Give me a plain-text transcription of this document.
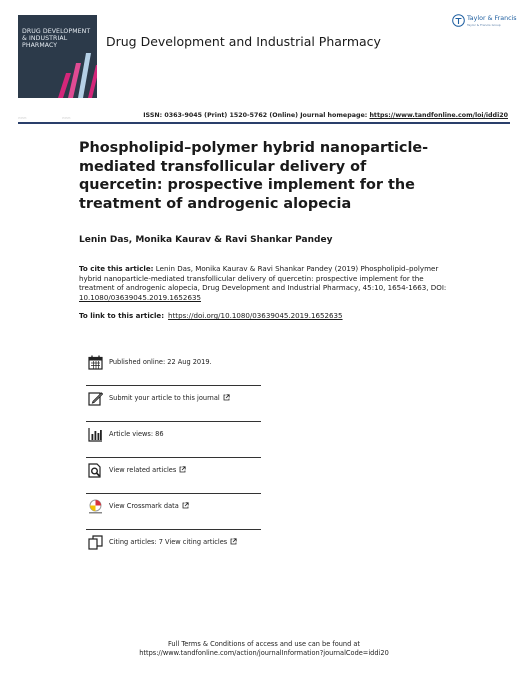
DRUG DEVELOPMENT
& INDUSTRIAL
PHARMACY	Drug Development and Industrial Pharmacy
Taylor & Francis
Taylor & Francis Group
▭▭▭	▭▭▭	ISSN: 0363-9045 (Print) 1520-5762 (Online) Journal homepage: https://www.tandfonline.com/loi/iddi20
Phospholipid–polymer hybrid nanoparticle-mediated transfollicular delivery of quercetin: prospective implement for the treatment of androgenic alopecia
Lenin Das, Monika Kaurav & Ravi Shankar Pandey
To cite this article: Lenin Das, Monika Kaurav & Ravi Shankar Pandey (2019) Phospholipid–polymer hybrid nanoparticle-mediated transfollicular delivery of quercetin: prospective implement for the treatment of androgenic alopecia, Drug Development and Industrial Pharmacy, 45:10, 1654-1663, DOI: 10.1080/03639045.2019.1652635
To link to this article: https://doi.org/10.1080/03639045.2019.1652635
Published online: 22 Aug 2019.
Submit your article to this journal
Article views: 86
View related articles
View Crossmark data
Citing articles: 7 View citing articles
Full Terms & Conditions of access and use can be found at
https://www.tandfonline.com/action/journalInformation?journalCode=iddi20
